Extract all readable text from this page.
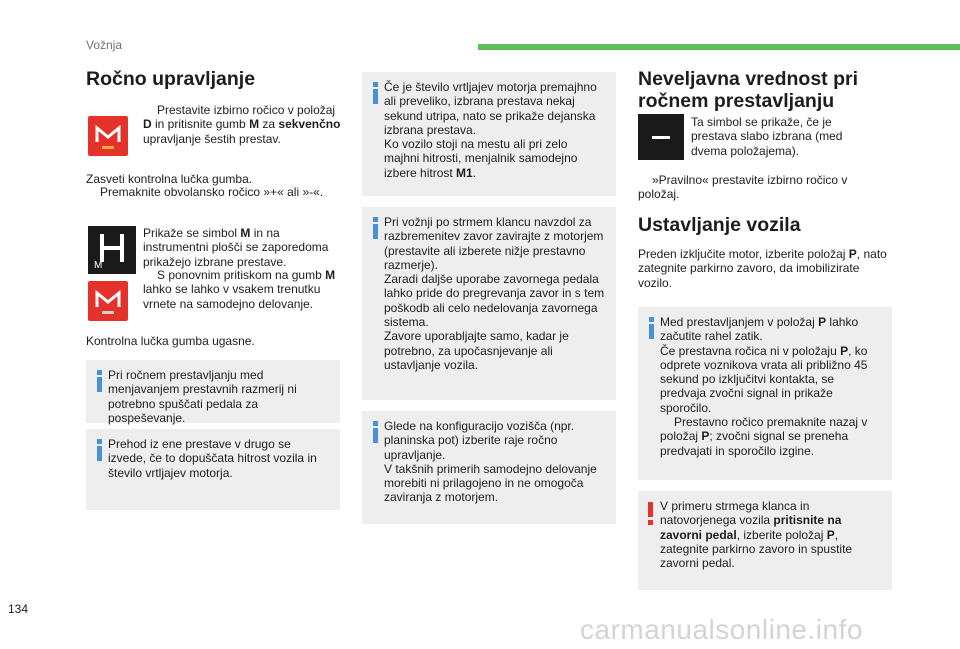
Vožnja
Ročno upravljanje

Prestavite izbirno ročico v položaj D in pritisnite gumb M za sekvenčno upravljanje šestih prestav.

Zasveti kontrolna lučka gumba.

Premaknite obvolansko ročico »+« ali »-«.

M

Prikaže se simbol M in na instrumentni plošči se zaporedoma prikažejo izbrane prestave.

S ponovnim pritiskom na gumb M lahko se lahko v vsakem trenutku vrnete na samodejno delovanje.

Kontrolna lučka gumba ugasne.

Pri ročnem prestavljanju med menjavanjem prestavnih razmerij ni potrebno spuščati pedala za pospeševanje.
Prehod iz ene prestave v drugo se izvede, če to dopuščata hitrost vozila in število vrtljajev motorja.
Če je število vrtljajev motorja premajhno ali preveliko, izbrana prestava nekaj sekund utripa, nato se prikaže dejanska izbrana prestava.
Ko vozilo stoji na mestu ali pri zelo majhni hitrosti, menjalnik samodejno izbere hitrost M1.
Pri vožnji po strmem klancu navzdol za razbremenitev zavor zavirajte z motorjem (prestavite ali izberete nižje prestavno razmerje).
Zaradi daljše uporabe zavornega pedala lahko pride do pregrevanja zavor in s tem poškodb ali celo nedelovanja zavornega sistema.
Zavore uporabljajte samo, kadar je potrebno, za upočasnjevanje ali ustavljanje vozila.
Glede na konfiguracijo vozišča (npr. planinska pot) izberite raje ročno upravljanje.
V takšnih primerih samodejno delovanje morebiti ni prilagojeno in ne omogoča zaviranja z motorjem.
Neveljavna vrednost pri ročnem prestavljanju

Ta simbol se prikaže, če je prestava slabo izbrana (med dvema položajema).

»Pravilno« prestavite izbirno ročico v položaj.

Ustavljanje vozila

Preden izklјučite motor, izberite položaj P, nato zategnite parkirno zavoro, da imobilizirate vozilo.

Med prestavljanjem v položaj P lahko začutite rahel zatik.
Če prestavna ročica ni v položaju P, ko odprete voznikova vrata ali približno 45 sekund po izklјučitvi kontakta, se predvaja zvočni signal in prikaže sporočilo.
Prestavno ročico premaknite nazaj v položaj P; zvočni signal se preneha predvajati in sporočilo izgine.
V primeru strmega klanca in natovorjenega vozila pritisnite na zavorni pedal, izberite položaj P, zategnite parkirno zavoro in spustite zavorni pedal.
134
carmanualsonline.info
